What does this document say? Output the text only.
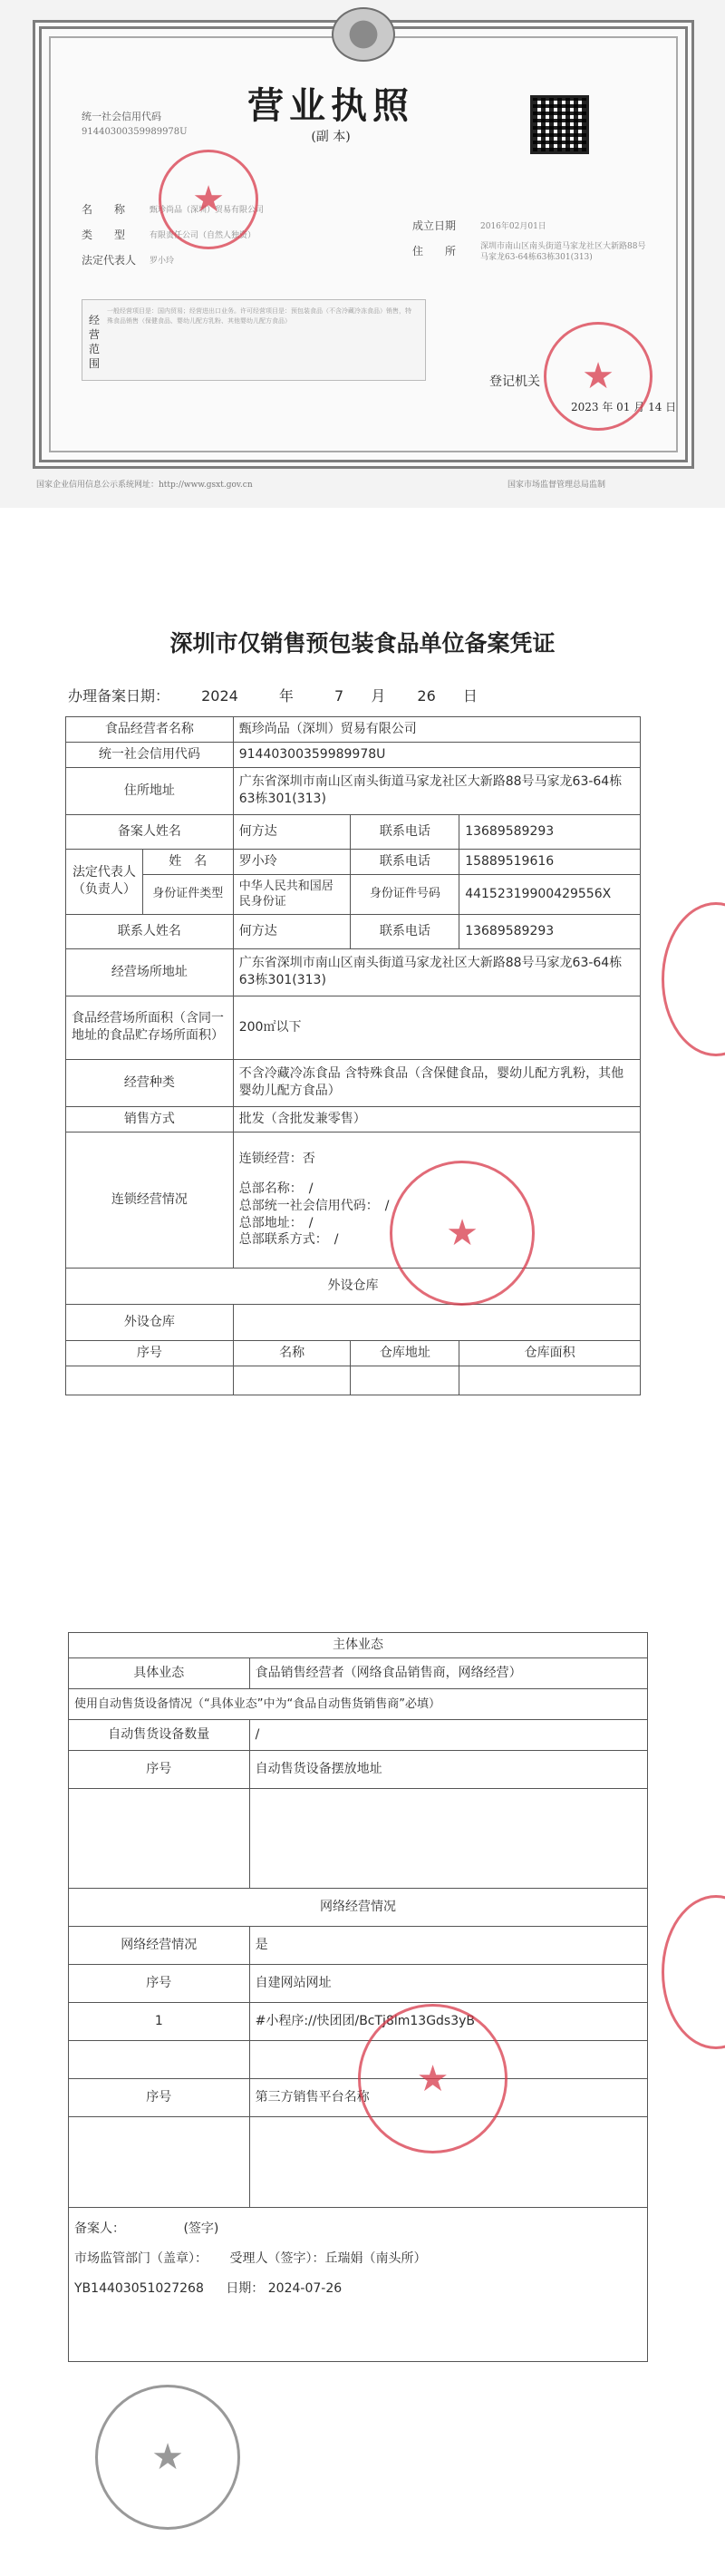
统一社会信用代码
91440300359989978U
营业执照
(副 本)
名　　称	甄珍尚品（深圳）贸易有限公司
类　　型	有限责任公司（自然人独资）
法定代表人 罗小玲
成立日期	2016年02月01日
住　　所	深圳市南山区南头街道马家龙社区大新路88号马家龙63-64栋63栋301(313)
经营范围
一般经营项目是：国内贸易；经营进出口业务。许可经营项目是：预包装食品（不含冷藏冷冻食品）销售，特殊食品销售（保健食品、婴幼儿配方乳粉、其他婴幼儿配方食品）
登记机关
2023 年 01 月 14 日
★
★
国家企业信用信息公示系统网址：http://www.gsxt.gov.cn	国家市场监督管理总局监制
深圳市仅销售预包装食品单位备案凭证
办理备案日期： 2024	年	7 月 26 日
食品经营者名称		甄珍尚品（深圳）贸易有限公司		
统一社会信用代码		91440300359989978U		
住所地址		广东省深圳市南山区南头街道马家龙社区大新路88号马家龙63-64栋63栋301(313)		
备案人姓名		何方达	联系电话	13689589293
法定代表人（负责人）	姓　名	罗小玲	联系电话	15889519616
	身份证件类型	中华人民共和国居民身份证	身份证件号码	44152319900429556X
联系人姓名		何方达	联系电话	13689589293
经营场所地址		广东省深圳市南山区南头街道马家龙社区大新路88号马家龙63-64栋63栋301(313)		
食品经营场所面积（含同一地址的食品贮存场所面积）		200㎡以下		
经营种类		不含冷藏冷冻食品 含特殊食品（含保健食品，婴幼儿配方乳粉，其他婴幼儿配方食品）		
销售方式		批发（含批发兼零售）		
连锁经营情况		连锁经营：否
总部名称：　/
总部统一社会信用代码：　/
总部地址：　/
总部联系方式：　/		

外设仓库				
外设仓库				
序号		名称	仓库地址	仓库面积

★
主体业态	
具体业态	食品销售经营者（网络食品销售商，网络经营）
使用自动售货设备情况（“具体业态”中为“食品自动售货销售商”必填）	
自动售货设备数量	/
序号	自动售货设备摆放地址

网络经营情况	
网络经营情况	是
序号	自建网站网址
1	#小程序://快团团/BcTj8lm13Gds3yB

序号	第三方销售平台名称

备案人： (签字)
市场监管部门（盖章）： 受理人（签字）：丘瑞娟（南头所）
YB14403051027268 日期： 2024-07-26	
★
★
